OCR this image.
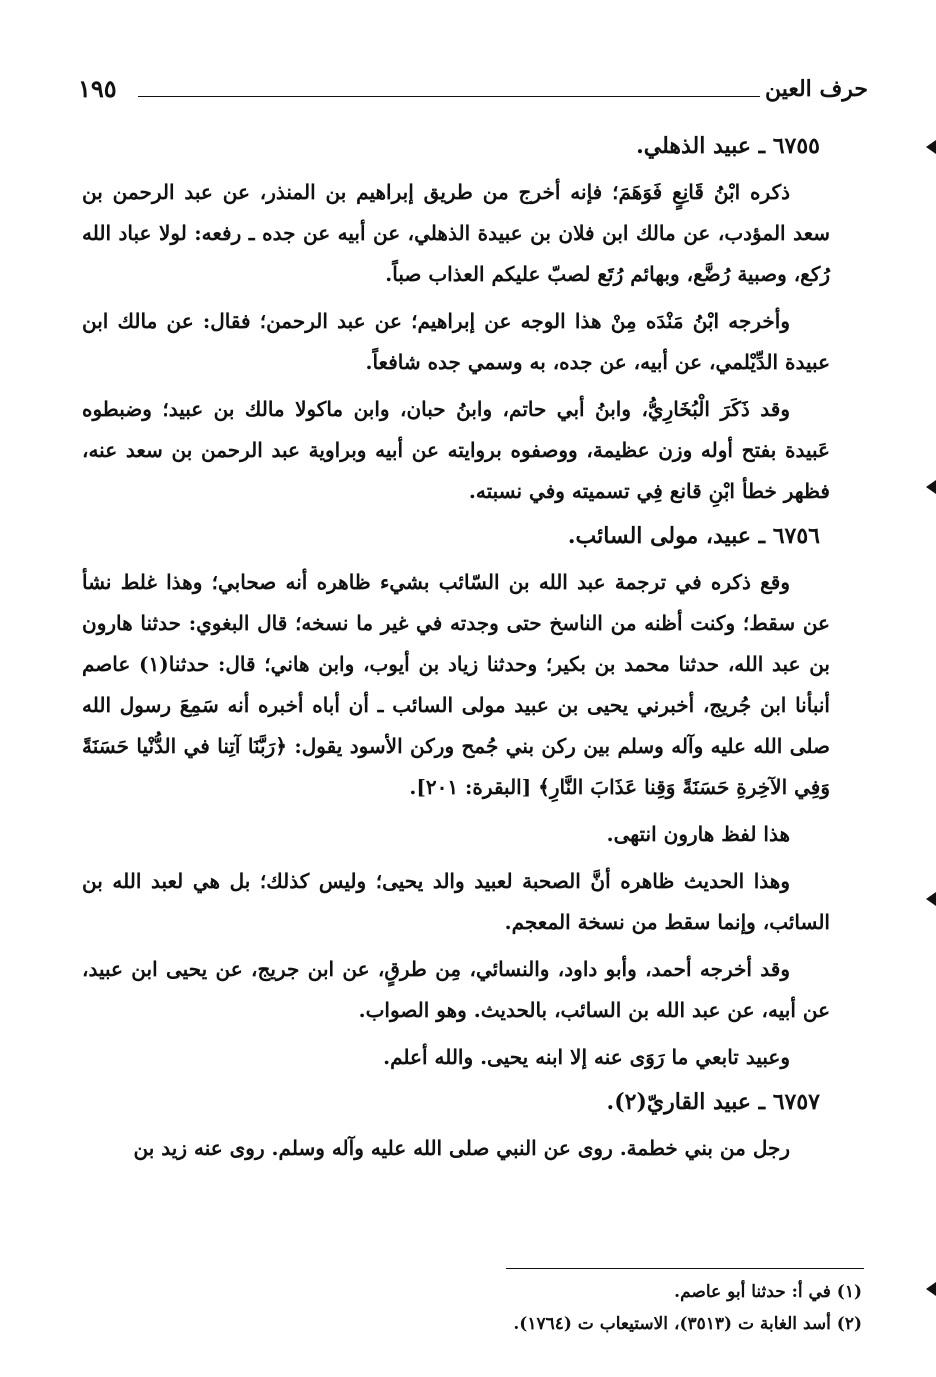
حرف العين
١٩٥
٦٧٥٥ ـ عبيد الذهلي.

ذكره ابْنُ قَانِعٍ فَوَهَمَ؛ فإنه أخرج من طريق إبراهيم بن المنذر، عن عبد الرحمن بن سعد المؤدب، عن مالك ابن فلان بن عبيدة الذهلي، عن أبيه عن جده ـ رفعه: لولا عباد الله رُكع، وصبية رُضَّع، وبهائم رُتَع لصبّ عليكم العذاب صباً.

وأخرجه ابْنُ مَنْدَه مِنْ هذا الوجه عن إبراهيم؛ عن عبد الرحمن؛ فقال: عن مالك ابن عبيدة الدِّيْلمي، عن أبيه، عن جده، به وسمي جده شافعاً.

وقد ذَكَرَ الْبُخَارِيُّ، وابنُ أبي حاتم، وابنُ حبان، وابن ماكولا مالك بن عبيد؛ وضبطوه عَبيدة بفتح أوله وزن عظيمة، ووصفوه بروايته عن أبيه وبراوية عبد الرحمن بن سعد عنه، فظهر خطأ ابْنِ قانع فِي تسميته وفي نسبته.

٦٧٥٦ ـ عبيد، مولى السائب.

وقع ذكره في ترجمة عبد الله بن السّائب بشيء ظاهره أنه صحابي؛ وهذا غلط نشأ عن سقط؛ وكنت أظنه من الناسخ حتى وجدته في غير ما نسخه؛ قال البغوي: حدثنا هارون بن عبد الله، حدثنا محمد بن بكير؛ وحدثنا زياد بن أيوب، وابن هاني؛ قال: حدثنا(١) عاصم أنبأنا ابن جُريج، أخبرني يحيى بن عبيد مولى السائب ـ أن أباه أخبره أنه سَمِعَ رسول الله صلى الله عليه وآله وسلم بين ركن بني جُمح وركن الأسود يقول: ﴿رَبَّنَا آتِنا في الدُّنْيا حَسَنَةً وَفِي الآخِرةِ حَسَنَةً وَقِنا عَذَابَ النَّارِ﴾ [البقرة: ٢٠١].

هذا لفظ هارون انتهى.

وهذا الحديث ظاهره أنَّ الصحبة لعبيد والد يحيى؛ وليس كذلك؛ بل هي لعبد الله بن السائب، وإنما سقط من نسخة المعجم.

وقد أخرجه أحمد، وأبو داود، والنسائي، مِن طرقٍ، عن ابن جريج، عن يحيى ابن عبيد، عن أبيه، عن عبد الله بن السائب، بالحديث. وهو الصواب.

وعبيد تابعي ما رَوَى عنه إلا ابنه يحيى. والله أعلم.

٦٧٥٧ ـ عبيد القاريّ(٢).

رجل من بني خطمة. روى عن النبي صلى الله عليه وآله وسلم. روى عنه زيد بن

(١) في أ: حدثنا أبو عاصم.
(٢) أسد الغابة ت (٣٥١٣)، الاستيعاب ت (١٧٦٤).
